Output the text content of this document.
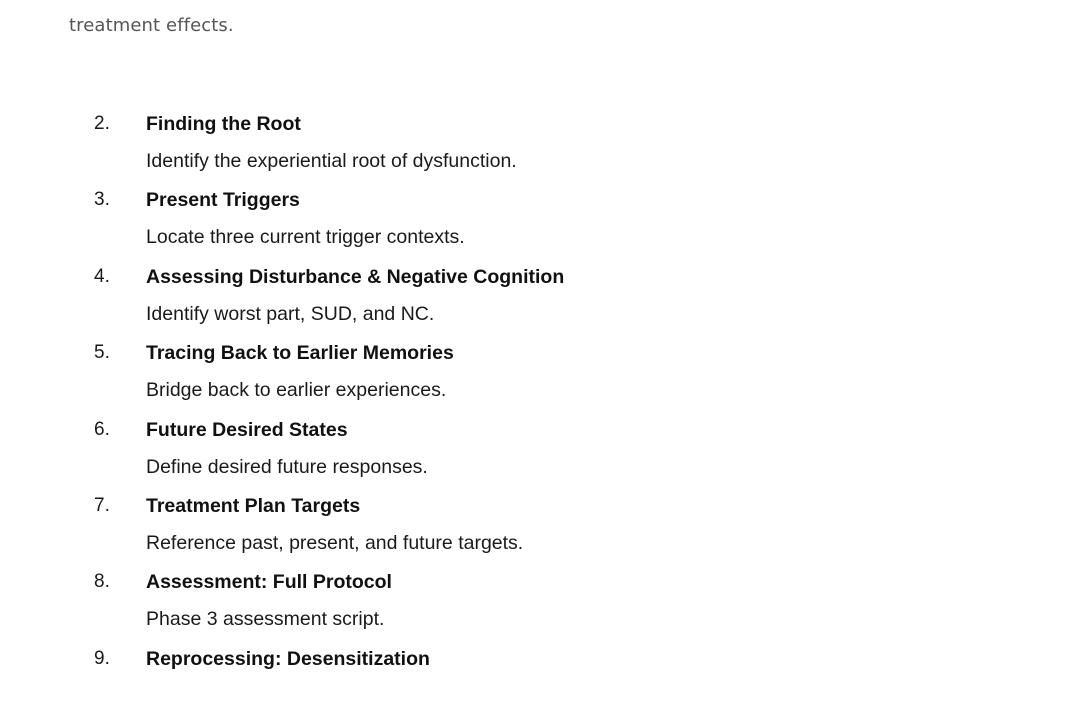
treatment effects.
2. Finding the Root
Identify the experiential root of dysfunction.
3. Present Triggers
Locate three current trigger contexts.
4. Assessing Disturbance & Negative Cognition
Identify worst part, SUD, and NC.
5. Tracing Back to Earlier Memories
Bridge back to earlier experiences.
6. Future Desired States
Define desired future responses.
7. Treatment Plan Targets
Reference past, present, and future targets.
8. Assessment: Full Protocol
Phase 3 assessment script.
9. Reprocessing: Desensitization
